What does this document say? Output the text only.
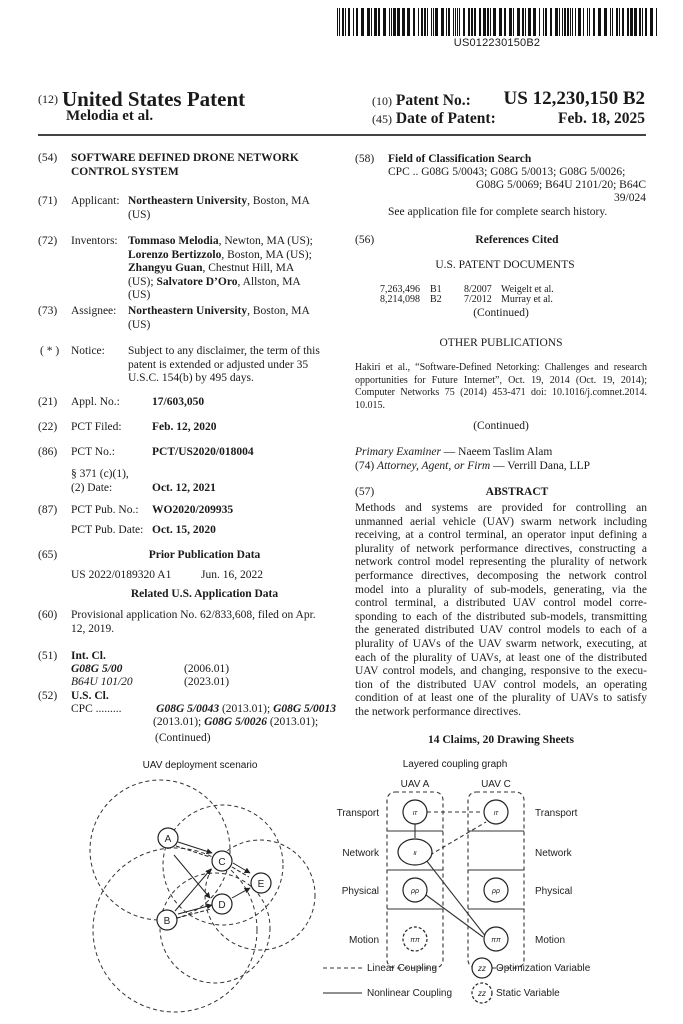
US012230150B2
(12) United States Patent
Melodia et al.
(10) Patent No.:	US 12,230,150 B2
(45) Date of Patent:	Feb. 18, 2025
(54)	SOFTWARE DEFINED DRONE NETWORK
CONTROL SYSTEM
(71)	Applicant: Northeastern University, Boston, MA
(US)
(72)	Inventors: Tommaso Melodia, Newton, MA (US);
Lorenzo Bertizzolo, Boston, MA (US);
Zhangyu Guan, Chestnut Hill, MA
(US); Salvatore D’Oro, Allston, MA
(US)
(73)	Assignee: Northeastern University, Boston, MA
(US)
( * )	Notice: Subject to any disclaimer, the term of this
patent is extended or adjusted under 35
U.S.C. 154(b) by 495 days.
(21)	Appl. No.:	17/603,050
(22)	PCT Filed:	Feb. 12, 2020
(86)	PCT No.:	PCT/US2020/018004
§ 371 (c)(1),
(2) Date:	Oct. 12, 2021
(87)	PCT Pub. No.: WO2020/209935
PCT Pub. Date: Oct. 15, 2020
(65)	Prior Publication Data
US 2022/0189320 A1	Jun. 16, 2022
Related U.S. Application Data
(60)	Provisional application No. 62/833,608, filed on Apr.
12, 2019.
(51)	Int. Cl.
G08G 5/00	(2006.01)
B64U 101/20	(2023.01)
(52)	U.S. Cl.
CPC .........	G08G 5/0043 (2013.01); G08G 5/0013
(2013.01); G08G 5/0026 (2013.01);
(Continued)
(58)	Field of Classification Search
CPC .. G08G 5/0043; G08G 5/0013; G08G 5/0026;
G08G 5/0069; B64U 2101/20; B64C
39/024
See application file for complete search history.
(56)	References Cited
U.S. PATENT DOCUMENTS
7,263,496 B1 8/2007 Weigelt et al.
8,214,098 B2 7/2012 Murray et al.
(Continued)
OTHER PUBLICATIONS
Hakiri et al., “Software-Defined Netorking: Challenges and research
opportunities for Future Internet”, Oct. 19, 2014 (Oct. 19, 2014);
Computer Networks 75 (2014) 453-471 doi: 10.1016/j.comnet.2014.
10.015.
(Continued)
Primary Examiner — Naeem Taslim Alam
(74) Attorney, Agent, or Firm — Verrill Dana, LLP
(57)	ABSTRACT
Methods and systems are provided for controlling an
unmanned aerial vehicle (UAV) swarm network including
receiving, at a control terminal, an operator input defining a
plurality of network performance directives, constructing a
network control model representing the plurality of network
performance directives, decomposing the network control
model into a plurality of sub-models, generating, via the
control terminal, a distributed UAV control model corre-
sponding to each of the distributed sub-models, transmitting
the generated distributed UAV control models to each of a
plurality of UAVs of the UAV swarm network, executing, at
each of the plurality of UAVs, at least one of the distributed
UAV control models, and changing, responsive to the execu-
tion of the distributed UAV control models, an operating
condition of at least one of the plurality of UAVs to satisfy
the network performance directives.
14 Claims, 20 Drawing Sheets
UAV deployment scenario
A
B
C
D
E
Layered coupling graph
UAV A	UAV C
ιτ
ιι
ρρ
ππ
ιτ
ρρ
ππ
Transport
Network
Physical
Motion
Transport
Network
Physical
Motion
Linear Coupling
Nonlinear Coupling
zz Optimization Variable
zz Static Variable
